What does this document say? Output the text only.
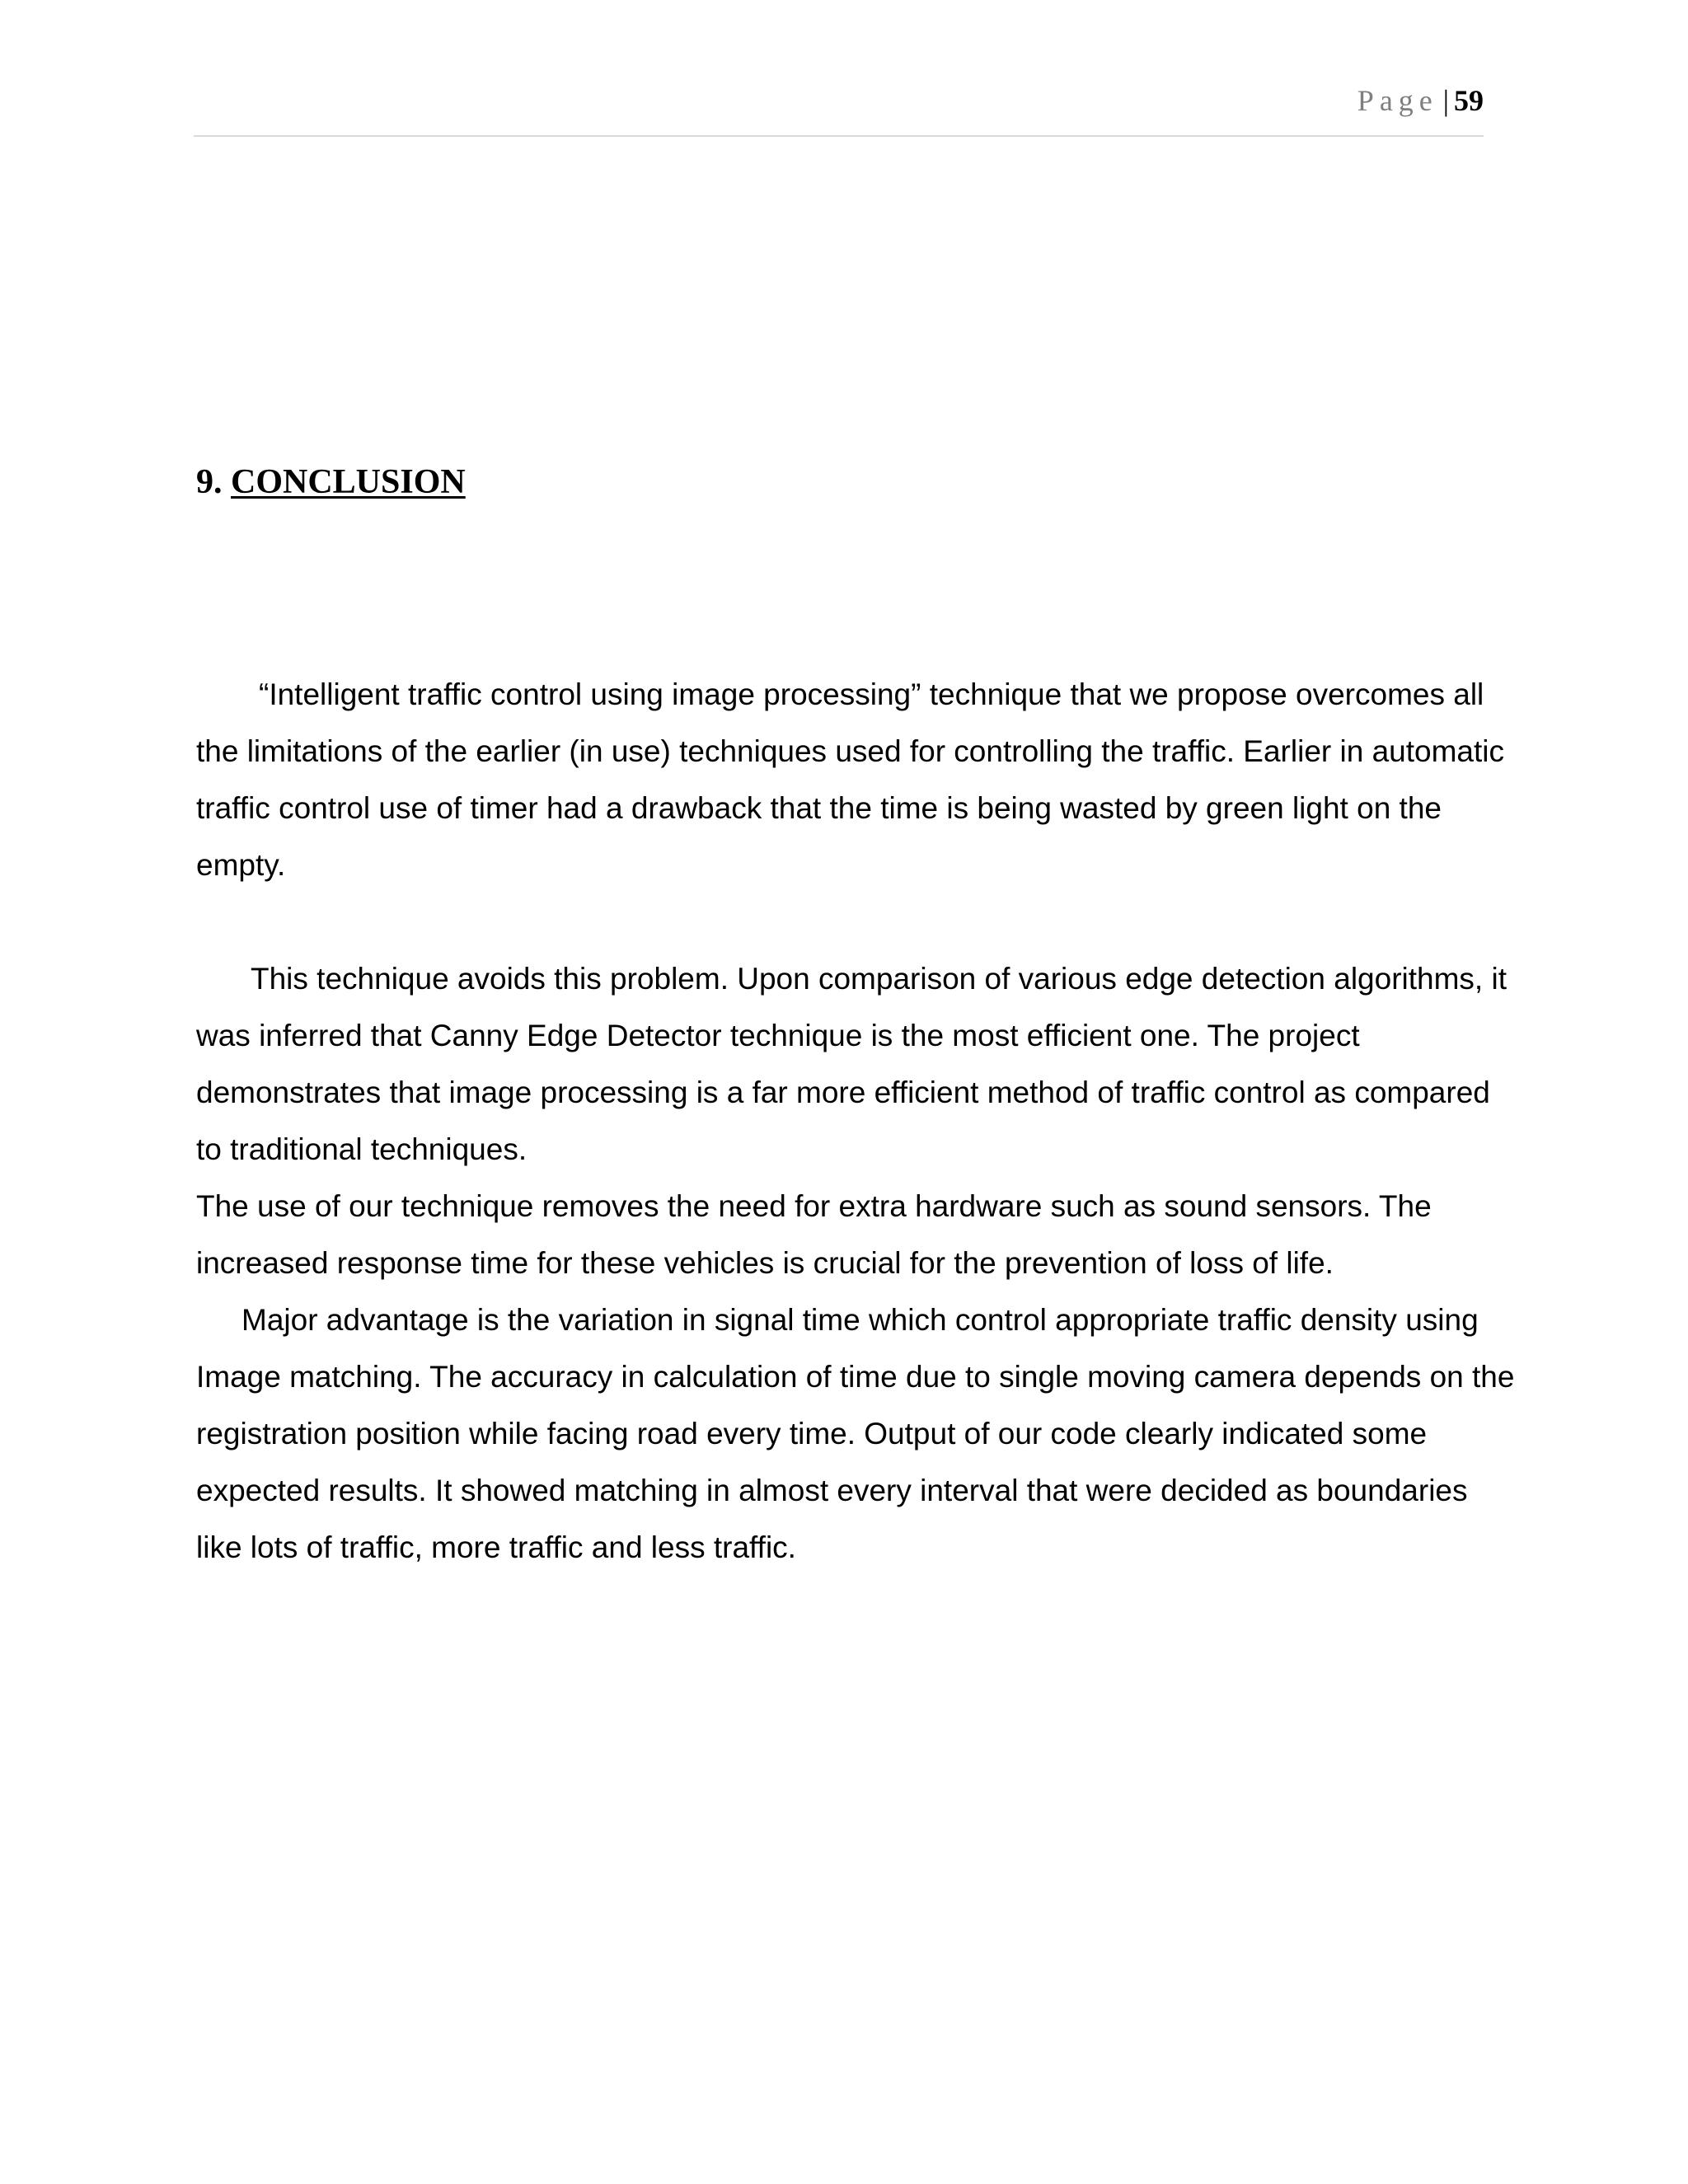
Page | 59
9. CONCLUSION

“Intelligent traffic control using image processing” technique that we propose overcomes all the limitations of the earlier (in use) techniques used for controlling the traffic. Earlier in automatic traffic control use of timer had a drawback that the time is being wasted by green light on the empty.

This technique avoids this problem. Upon comparison of various edge detection algorithms, it was inferred that Canny Edge Detector technique is the most efficient one. The project demonstrates that image processing is a far more efficient method of traffic control as compared to traditional techniques.

The use of our technique removes the need for extra hardware such as sound sensors. The increased response time for these vehicles is crucial for the prevention of loss of life.

Major advantage is the variation in signal time which control appropriate traffic density using Image matching. The accuracy in calculation of time due to single moving camera depends on the registration position while facing road every time. Output of our code clearly indicated some expected results. It showed matching in almost every interval that were decided as boundaries like lots of traffic, more traffic and less traffic.
